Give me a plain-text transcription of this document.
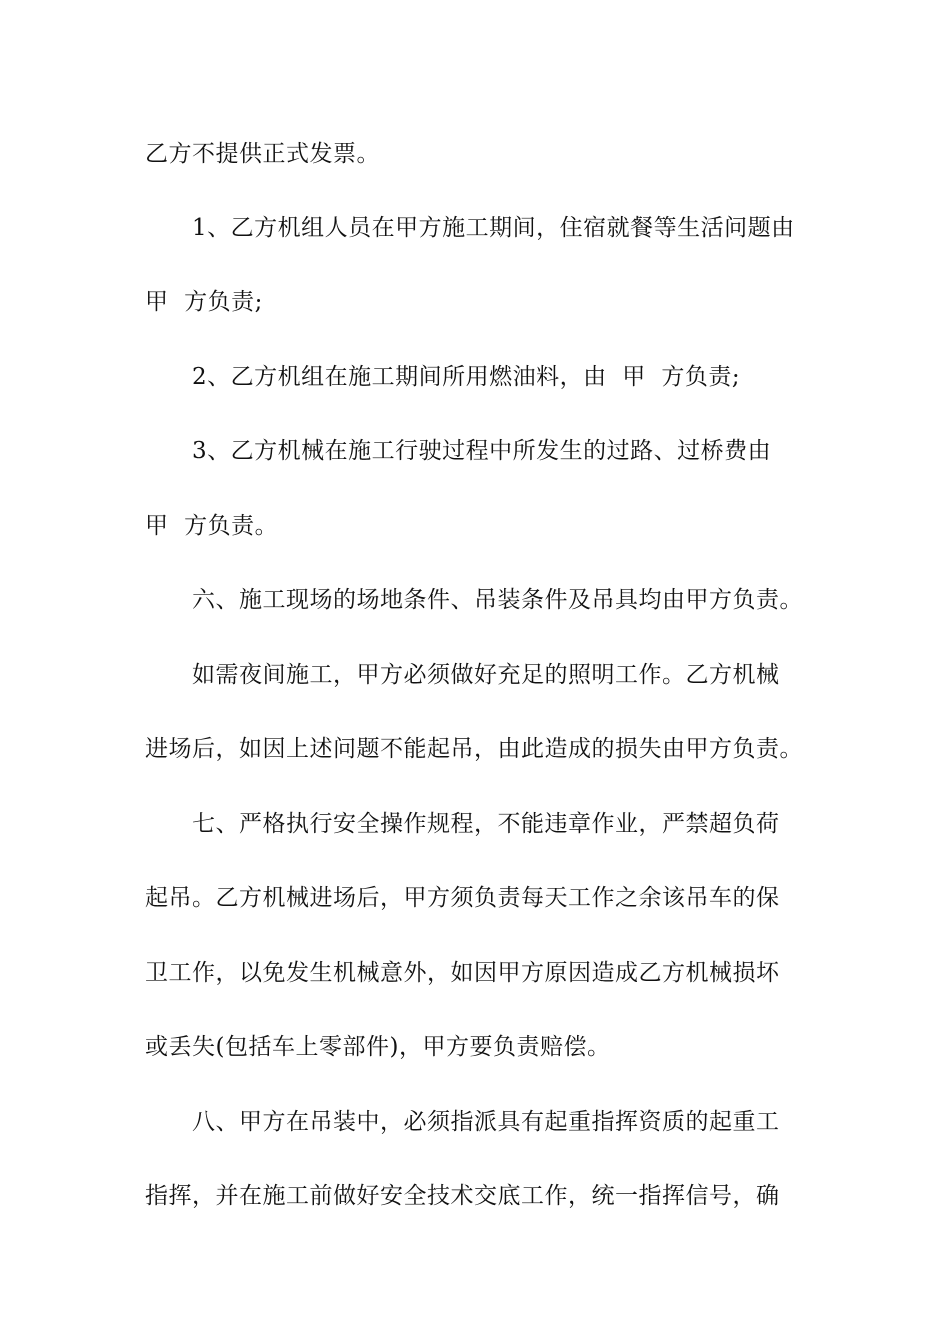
乙方不提供正式发票。
1、乙方机组人员在甲方施工期间，住宿就餐等生活问题由
甲  方负责;
2、乙方机组在施工期间所用燃油料，由  甲  方负责;
3、乙方机械在施工行驶过程中所发生的过路、过桥费由
甲  方负责。
六、施工现场的场地条件、吊装条件及吊具均由甲方负责。
如需夜间施工，甲方必须做好充足的照明工作。乙方机械
进场后，如因上述问题不能起吊，由此造成的损失由甲方负责。
七、严格执行安全操作规程，不能违章作业，严禁超负荷
起吊。乙方机械进场后，甲方须负责每天工作之余该吊车的保
卫工作，以免发生机械意外，如因甲方原因造成乙方机械损坏
或丢失(包括车上零部件)，甲方要负责赔偿。
八、甲方在吊装中，必须指派具有起重指挥资质的起重工
指挥，并在施工前做好安全技术交底工作，统一指挥信号，确
